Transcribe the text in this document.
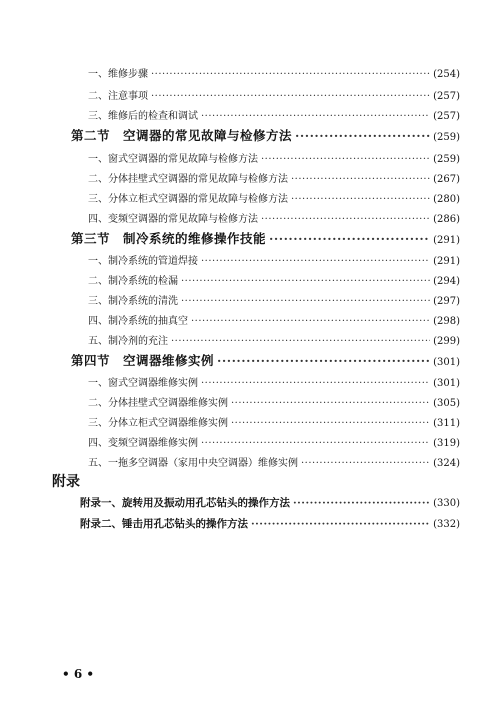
一、维修步骤 ·····	(254)
二、注意事项 ·····	(257)
三、维修后的检查和调试 ·····	(257)
第二节　空调器的常见故障与检修方法 ·····	(259)
一、窗式空调器的常见故障与检修方法 ·····	(259)
二、分体挂壁式空调器的常见故障与检修方法 ·····	(267)
三、分体立柜式空调器的常见故障与检修方法 ·····	(280)
四、变频空调器的常见故障与检修方法 ·····	(286)
第三节　制冷系统的维修操作技能 ·····	(291)
一、制冷系统的管道焊接 ·····	(291)
二、制冷系统的检漏 ·····	(294)
三、制冷系统的清洗 ·····	(297)
四、制冷系统的抽真空 ·····	(298)
五、制冷剂的充注 ·····	(299)
第四节　空调器维修实例 ·····	(301)
一、窗式空调器维修实例 ·····	(301)
二、分体挂壁式空调器维修实例 ·····	(305)
三、分体立柜式空调器维修实例 ·····	(311)
四、变频空调器维修实例 ·····	(319)
五、一拖多空调器（家用中央空调器）维修实例 ·····	(324)
附录
附录一、旋转用及振动用孔芯钻头的操作方法 ·····	(330)
附录二、锤击用孔芯钻头的操作方法 ·····	(332)
• 6 •
